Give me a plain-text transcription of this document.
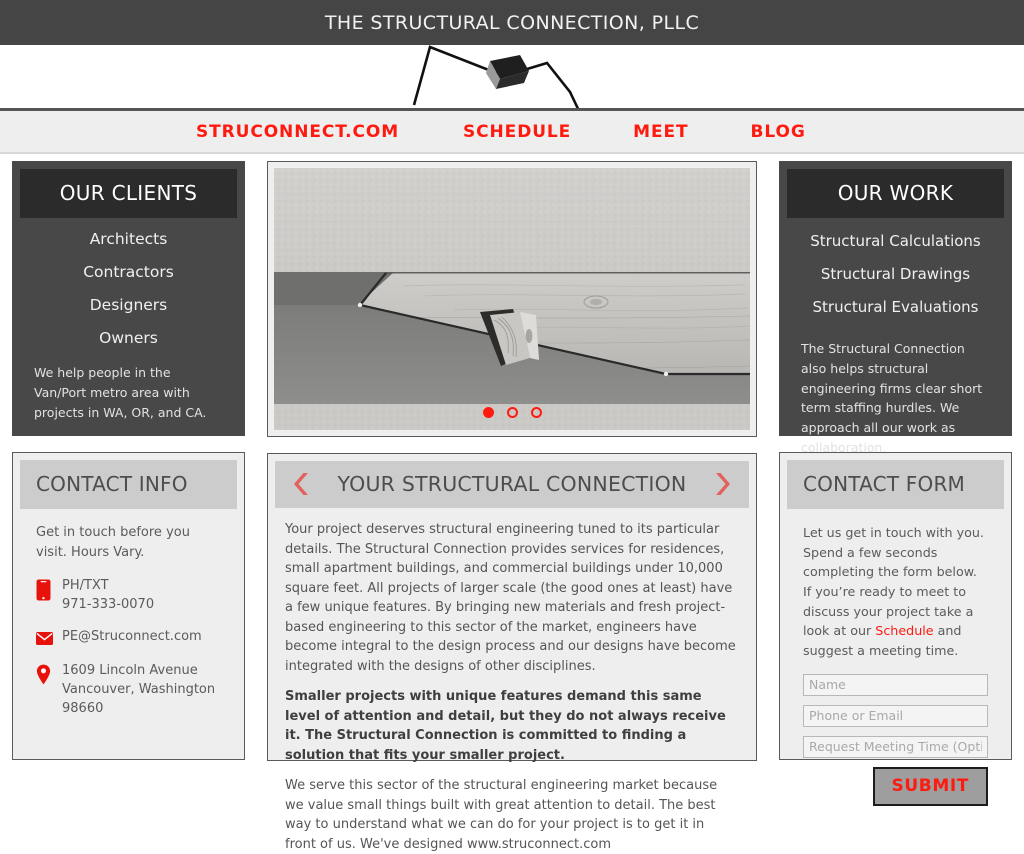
THE STRUCTURAL CONNECTION, PLLC
STRUCONNECT.COM	SCHEDULE	MEET	BLOG
OUR CLIENTS
Architects
Contractors
Designers
Owners
We help people in the Van/Port metro area with projects in WA, OR, and CA.
CONTACT INFO

Get in touch before you visit. Hours Vary.

PH/TXT
971-333-0070
PE@Struconnect.com
1609 Lincoln Avenue
Vancouver, Washington
98660
YOUR STRUCTURAL CONNECTION

Your project deserves structural engineering tuned to its particular details. The Structural Connection provides services for residences, small apartment buildings, and commercial buildings under 10,000 square feet. All projects of larger scale (the good ones at least) have a few unique features. By bringing new materials and fresh project-based engineering to this sector of the market, engineers have become integral to the design process and our designs have become integrated with the designs of other disciplines.

Smaller projects with unique features demand this same level of attention and detail, but they do not always receive it. The Structural Connection is committed to finding a solution that fits your smaller project.

We serve this sector of the structural engineering market because we value small things built with great attention to detail. The best way to understand what we can do for your project is to get it in front of us. We've designed www.struconnect.com

OUR WORK
Structural Calculations
Structural Drawings
Structural Evaluations
The Structural Connection also helps structural engineering firms clear short term staffing hurdles. We approach all our work as collaboration.
CONTACT FORM

Let us get in touch with you. Spend a few seconds completing the form below. If you’re ready to meet to discuss your project take a look at our Schedule and suggest a meeting time.

Name
Phone or Email
Request Meeting Time (Optional)
SUBMIT
